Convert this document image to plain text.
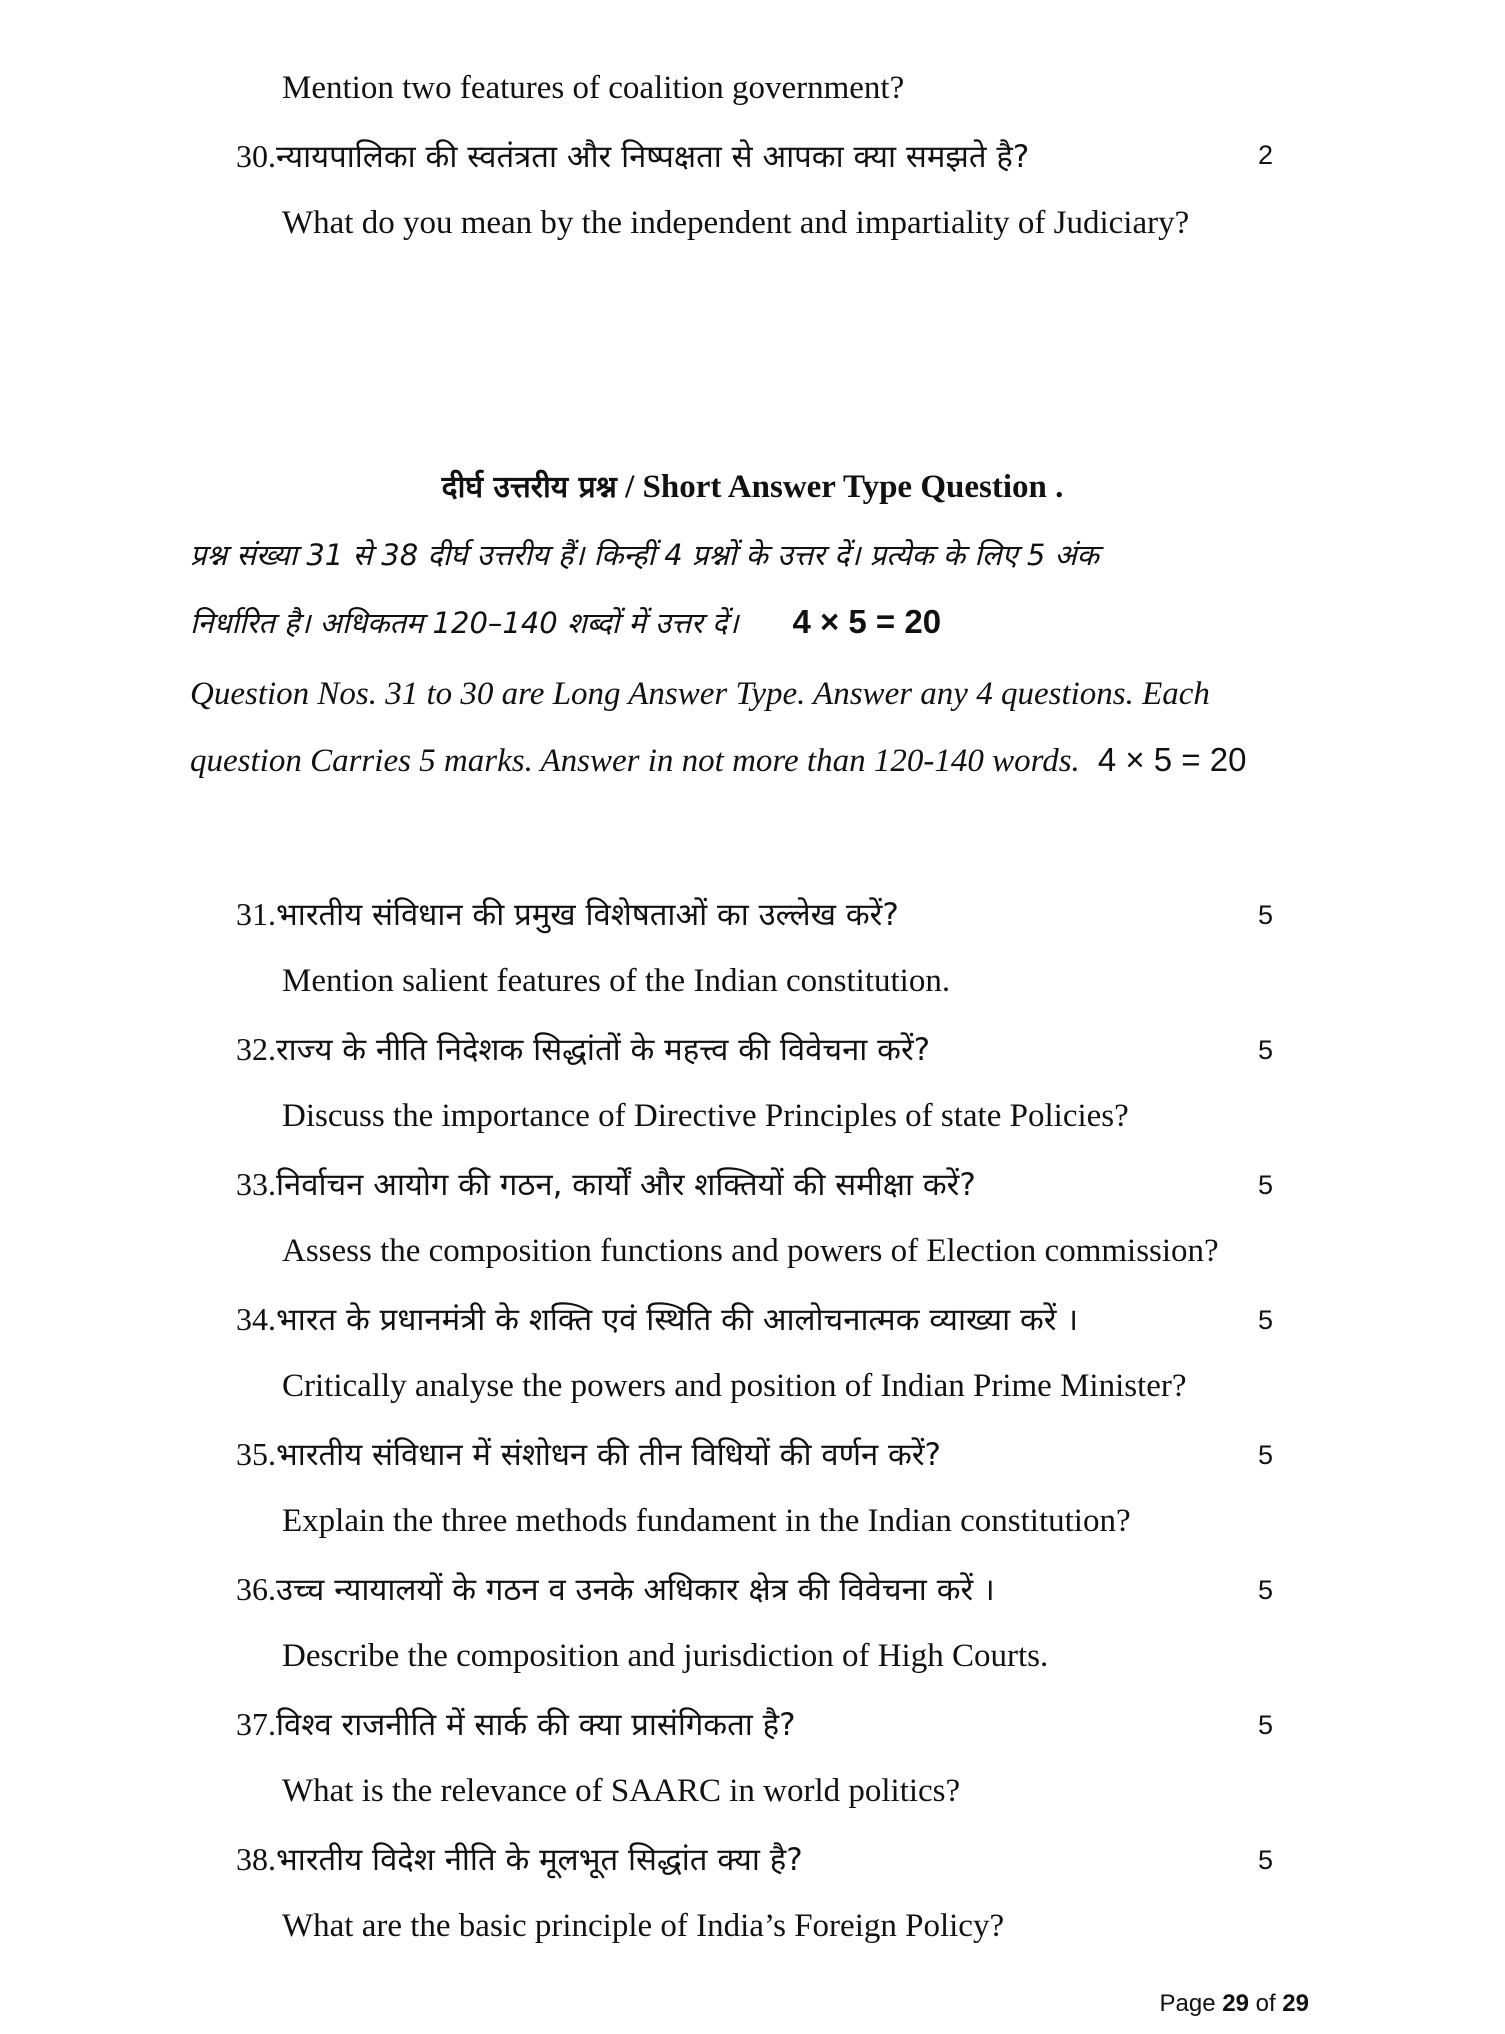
Mention two features of coalition government?
30.न्यायपालिका की स्वतंत्रता और निष्पक्षता से आपका क्या समझते है?	2
What do you mean by the independent and impartiality of Judiciary?
दीर्घ उत्तरीय प्रश्न / Short Answer Type Question .
प्रश्न संख्या 31 से 38 दीर्घ उत्तरीय हैं। किन्हीं 4 प्रश्नों के उत्तर दें। प्रत्येक के लिए 5 अंक
निर्धारित है। अधिकतम 120–140 शब्दों में उत्तर दें। 4 × 5 = 20
Question Nos. 31 to 30 are Long Answer Type. Answer any 4 questions. Each
question Carries 5 marks. Answer in not more than 120-140 words. 4 × 5 = 20
31.भारतीय संविधान की प्रमुख विशेषताओं का उल्लेख करें?	5
Mention salient features of the Indian constitution.
32.राज्य के नीति निदेशक सिद्धांतों के महत्त्व की विवेचना करें?	5
Discuss the importance of Directive Principles of state Policies?
33.निर्वाचन आयोग की गठन, कार्यों और शक्तियों की समीक्षा करें?	5
Assess the composition functions and powers of Election commission?
34.भारत के प्रधानमंत्री के शक्ति एवं स्थिति की आलोचनात्मक व्याख्या करें ।	5
Critically analyse the powers and position of Indian Prime Minister?
35.भारतीय संविधान में संशोधन की तीन विधियों की वर्णन करें?	5
Explain the three methods fundament in the Indian constitution?
36.उच्च न्यायालयों के गठन व उनके अधिकार क्षेत्र की विवेचना करें ।	5
Describe the composition and jurisdiction of High Courts.
37.विश्व राजनीति में सार्क की क्या प्रासंगिकता है?	5
What is the relevance of SAARC in world politics?
38.भारतीय विदेश नीति के मूलभूत सिद्धांत क्या है?	5
What are the basic principle of India’s Foreign Policy?
Page 29 of 29
